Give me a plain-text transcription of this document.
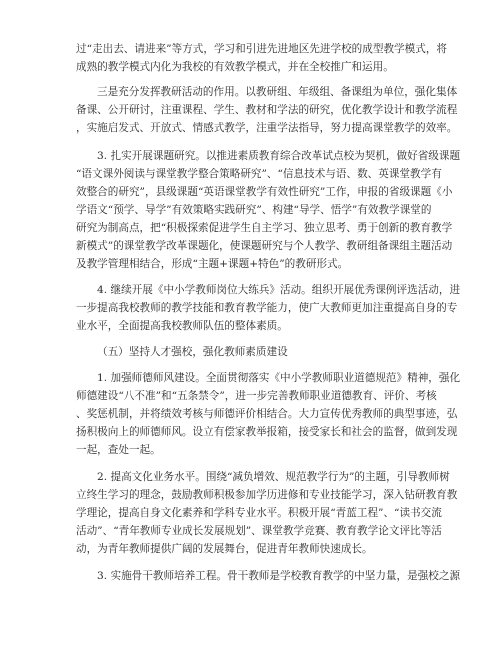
过“走出去、请进来”等方式，学习和引进先进地区先进学校的成型教学模式，将
成熟的教学模式内化为我校的有效教学模式，并在全校推广和运用。
三是充分发挥教研活动的作用。以教研组、年级组、备课组为单位，强化集体
备课、公开研讨，注重课程、学生、教材和学法的研究，优化教学设计和教学流程
，实施启发式、开放式、情感式教学，注重学法指导，努力提高课堂教学的效率。
3. 扎实开展课题研究。以推进素质教育综合改革试点校为契机，做好省级课题
“语文课外阅读与课堂教学整合策略研究”、“信息技术与语、数、英课堂教学有
效整合的研究”，县级课题“英语课堂教学有效性研究”工作，申报的省级课题《小
学语文“预学、导学”有效策略实践研究”、构建“导学、悟学”有效教学课堂的
研究为制高点，把“积极探索促进学生自主学习、独立思考、勇于创新的教育教学
新模式”的课堂教学改革课题化，使课题研究与个人教学、教研组备课组主题活动
及教学管理相结合，形成“主题+课题+特色”的教研形式。
4. 继续开展《中小学教师岗位大练兵》活动。组织开展优秀课例评选活动，进
一步提高我校教师的教学技能和教育教学能力，使广大教师更加注重提高自身的专
业水平，全面提高我校教师队伍的整体素质。
（五）坚持人才强校，强化教师素质建设
1. 加强师德师风建设。全面贯彻落实《中小学教师职业道德规范》精神，强化
师德建设“八不准”和“五条禁令”，进一步完善教师职业道德教育、评价、考核
、奖惩机制，并将绩效考核与师德评价相结合。大力宣传优秀教师的典型事迹，弘
扬积极向上的师德师风。设立有偿家教举报箱，接受家长和社会的监督，做到发现
一起，查处一起。
2. 提高文化业务水平。围绕“减负增效、规范教学行为”的主题，引导教师树
立终生学习的理念，鼓励教师积极参加学历进修和专业技能学习，深入钻研教育教
学理论，提高自身文化素养和学科专业水平。积极开展“青蓝工程”、“读书交流
活动”、“青年教师专业成长发展规划”、课堂教学竞赛、教育教学论文评比等活
动，为青年教师提供广阔的发展舞台，促进青年教师快速成长。
3. 实施骨干教师培养工程。骨干教师是学校教育教学的中坚力量，是强校之源
